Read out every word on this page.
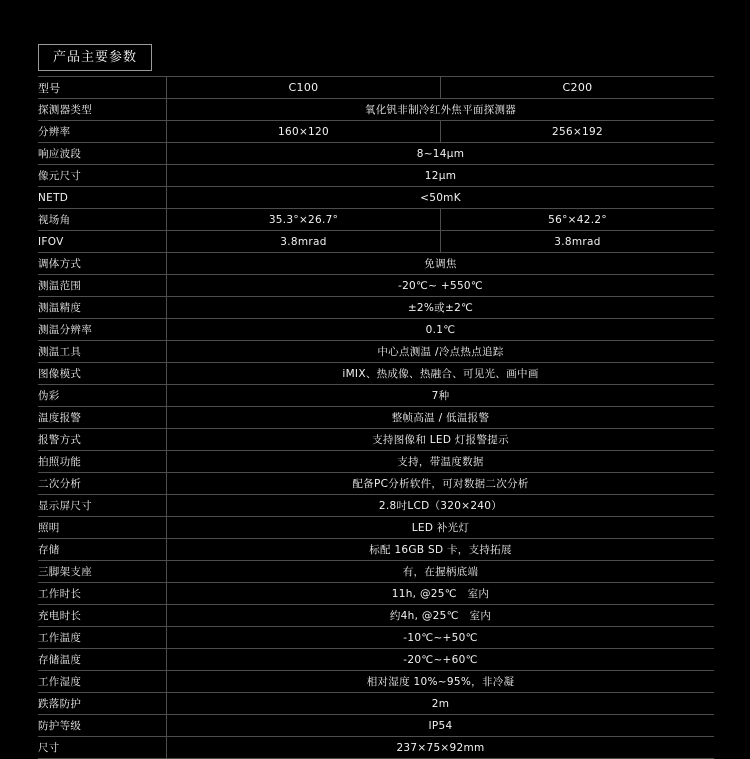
产品主要参数
型号	C100	C200
探测器类型	氧化钒非制冷红外焦平面探测器	
分辨率	160×120	256×192
响应波段	8~14μm	
像元尺寸	12μm	
NETD	<50mK	
视场角	35.3°×26.7°	56°×42.2°
IFOV	3.8mrad	3.8mrad
调体方式	免调焦	
测温范围	-20℃~ +550℃	
测温精度	±2%或±2℃	
测温分辨率	0.1℃	
测温工具	中心点测温 /冷点热点追踪	
图像模式	iMIX、热成像、热融合、可见光、画中画	
伪彩	7种	
温度报警	整帧高温 / 低温报警	
报警方式	支持图像和 LED 灯报警提示	
拍照功能	支持，带温度数据	
二次分析	配备PC分析软件，可对数据二次分析	
显示屏尺寸	2.8吋LCD（320×240）	
照明	LED 补光灯	
存储	标配 16GB SD 卡，支持拓展	
三脚架支座	有，在握柄底端	
工作时长	11h, @25℃　室内	
充电时长	约4h, @25℃　室内	
工作温度	-10℃~+50℃	
存储温度	-20℃~+60℃	
工作湿度	相对湿度 10%~95%，非冷凝	
跌落防护	2m	
防护等级	IP54	
尺寸	237×75×92mm	
